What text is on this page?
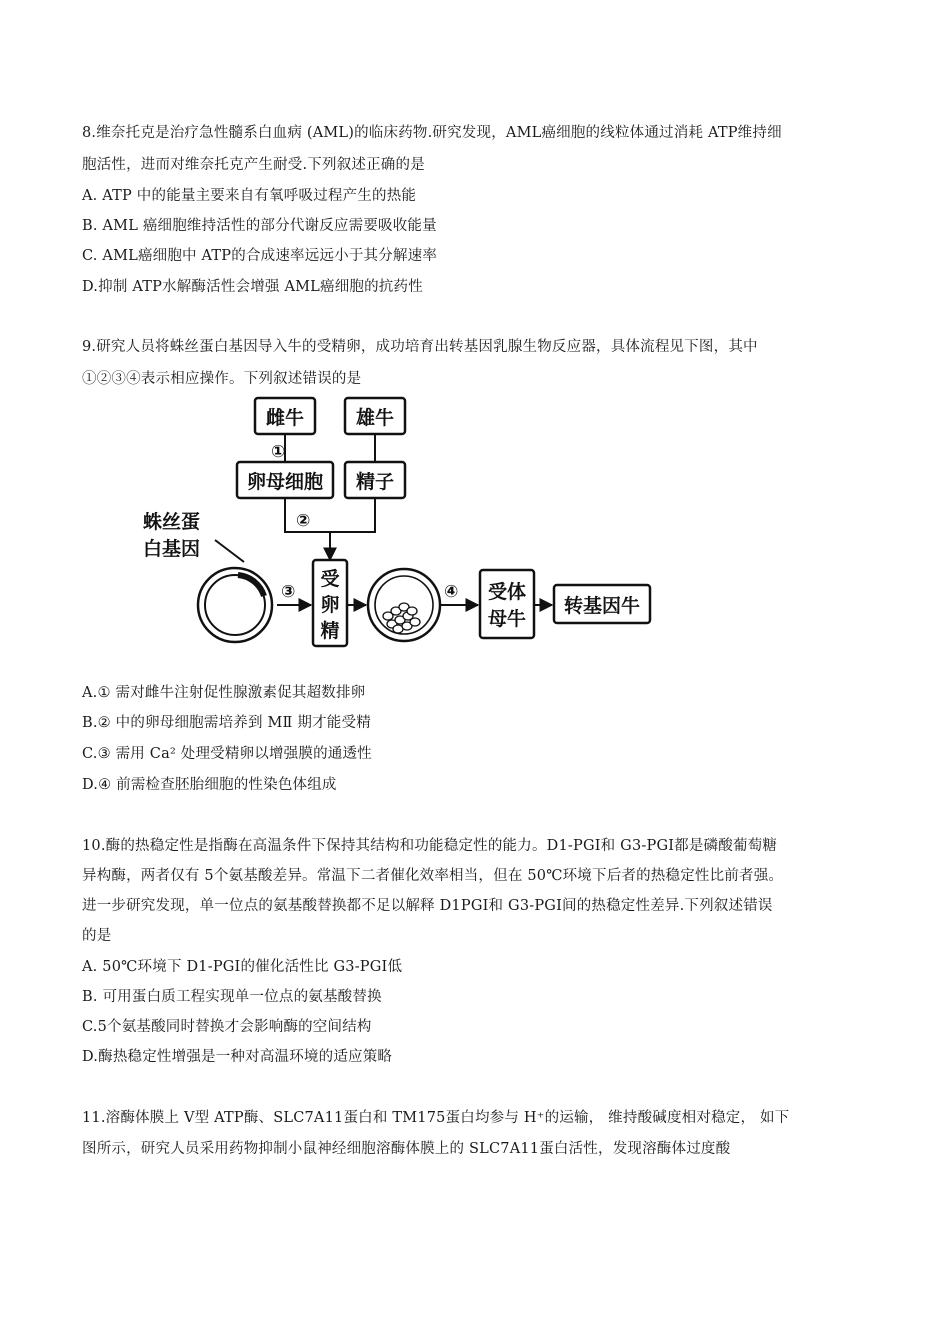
8.维奈托克是治疗急性髓系白血病 (AML)的临床药物.研究发现，AML癌细胞的线粒体通过消耗 ATP维持细
胞活性，进而对维奈托克产生耐受.下列叙述正确的是
A. ATP 中的能量主要来自有氧呼吸过程产生的热能
B. AML 癌细胞维持活性的部分代谢反应需要吸收能量
C. AML癌细胞中 ATP的合成速率远远小于其分解速率
D.抑制 ATP水解酶活性会增强 AML癌细胞的抗药性
9.研究人员将蛛丝蛋白基因导入牛的受精卵，成功培育出转基因乳腺生物反应器，具体流程见下图，其中
①②③④表示相应操作。下列叙述错误的是
雌牛	雄牛
①
卵母细胞 精子
②
蛛丝蛋
白基因
③
受
卵
精
④ 受体
母牛
转基因牛
A.① 需对雌牛注射促性腺激素促其超数排卵
B.② 中的卵母细胞需培养到 MⅡ 期才能受精
C.③ 需用 Ca² 处理受精卵以增强膜的通透性
D.④ 前需检查胚胎细胞的性染色体组成
10.酶的热稳定性是指酶在高温条件下保持其结构和功能稳定性的能力。D1-PGI和 G3-PGI都是磷酸葡萄糖
异构酶，两者仅有 5个氨基酸差异。常温下二者催化效率相当，但在 50℃环境下后者的热稳定性比前者强。
进一步研究发现，单一位点的氨基酸替换都不足以解释 D1PGI和 G3-PGI间的热稳定性差异.下列叙述错误
的是
A. 50℃环境下 D1-PGI的催化活性比 G3-PGI低
B. 可用蛋白质工程实现单一位点的氨基酸替换
C.5个氨基酸同时替换才会影响酶的空间结构
D.酶热稳定性增强是一种对高温环境的适应策略
11.溶酶体膜上 V型 ATP酶、SLC7A11蛋白和 TM175蛋白均参与 H⁺的运输， 维持酸碱度相对稳定， 如下
图所示，研究人员采用药物抑制小鼠神经细胞溶酶体膜上的 SLC7A11蛋白活性，发现溶酶体过度酸
